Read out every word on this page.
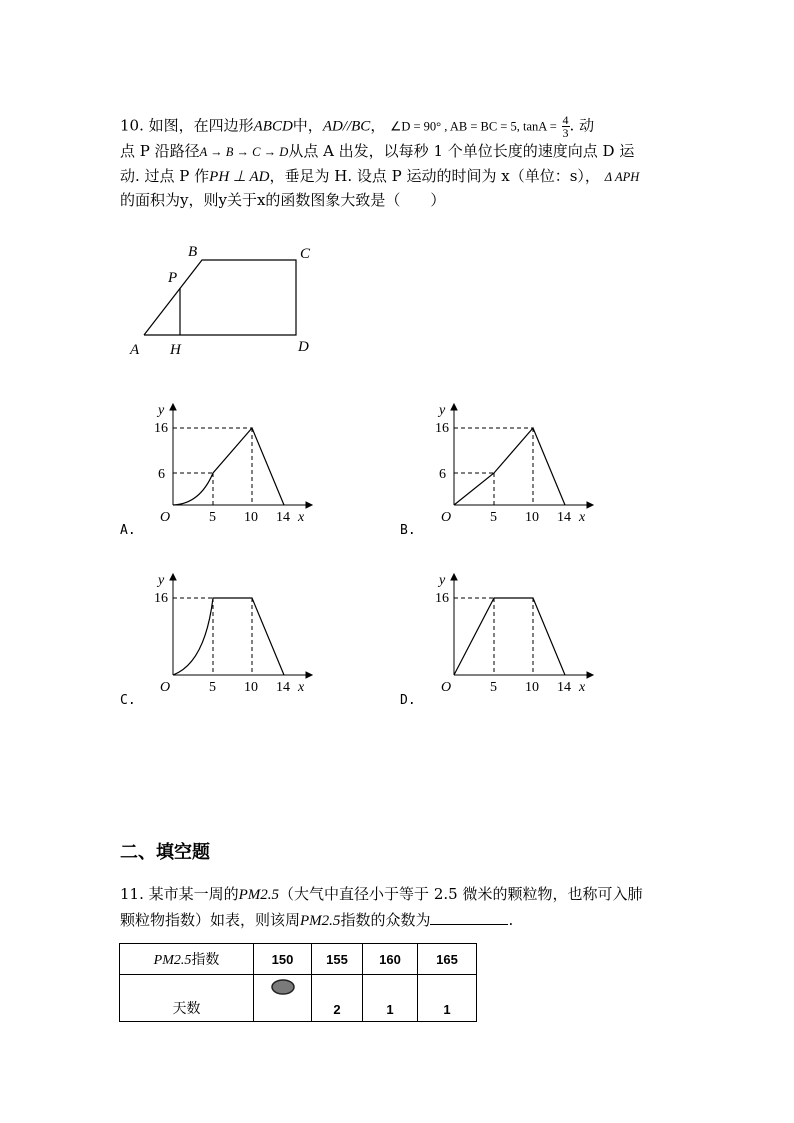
10. 如图，在四边形ABCD中，AD//BC， ∠D = 90° , AB = BC = 5, $\tan A = \frac{4}{3}$ . 动
点 P 沿路径A → B → C → D从点 A 出发，以每秒 1 个单位长度的速度向点 D 运
动. 过点 P 作PH ⊥ AD，垂足为 H. 设点 P 运动的时间为 x（单位：s）， Δ APH
的面积为y，则y关于x的函数图象大致是（　　）
A
B	C
D
P
H
y
16
6
O	5 10 14 x
A.
y
16
6
O	5 10 14 x
B.
y
16
O	5 10 14 x
C.
y
16
O	5 10 14 x
D.
二、填空题
11. 某市某一周的PM2.5（大气中直径小于等于 2.5 微米的颗粒物，也称可入肺
颗粒物指数）如表，则该周PM2.5指数的众数为	.
PM2.5指数	150	155	160	165
天数		2	1	1
